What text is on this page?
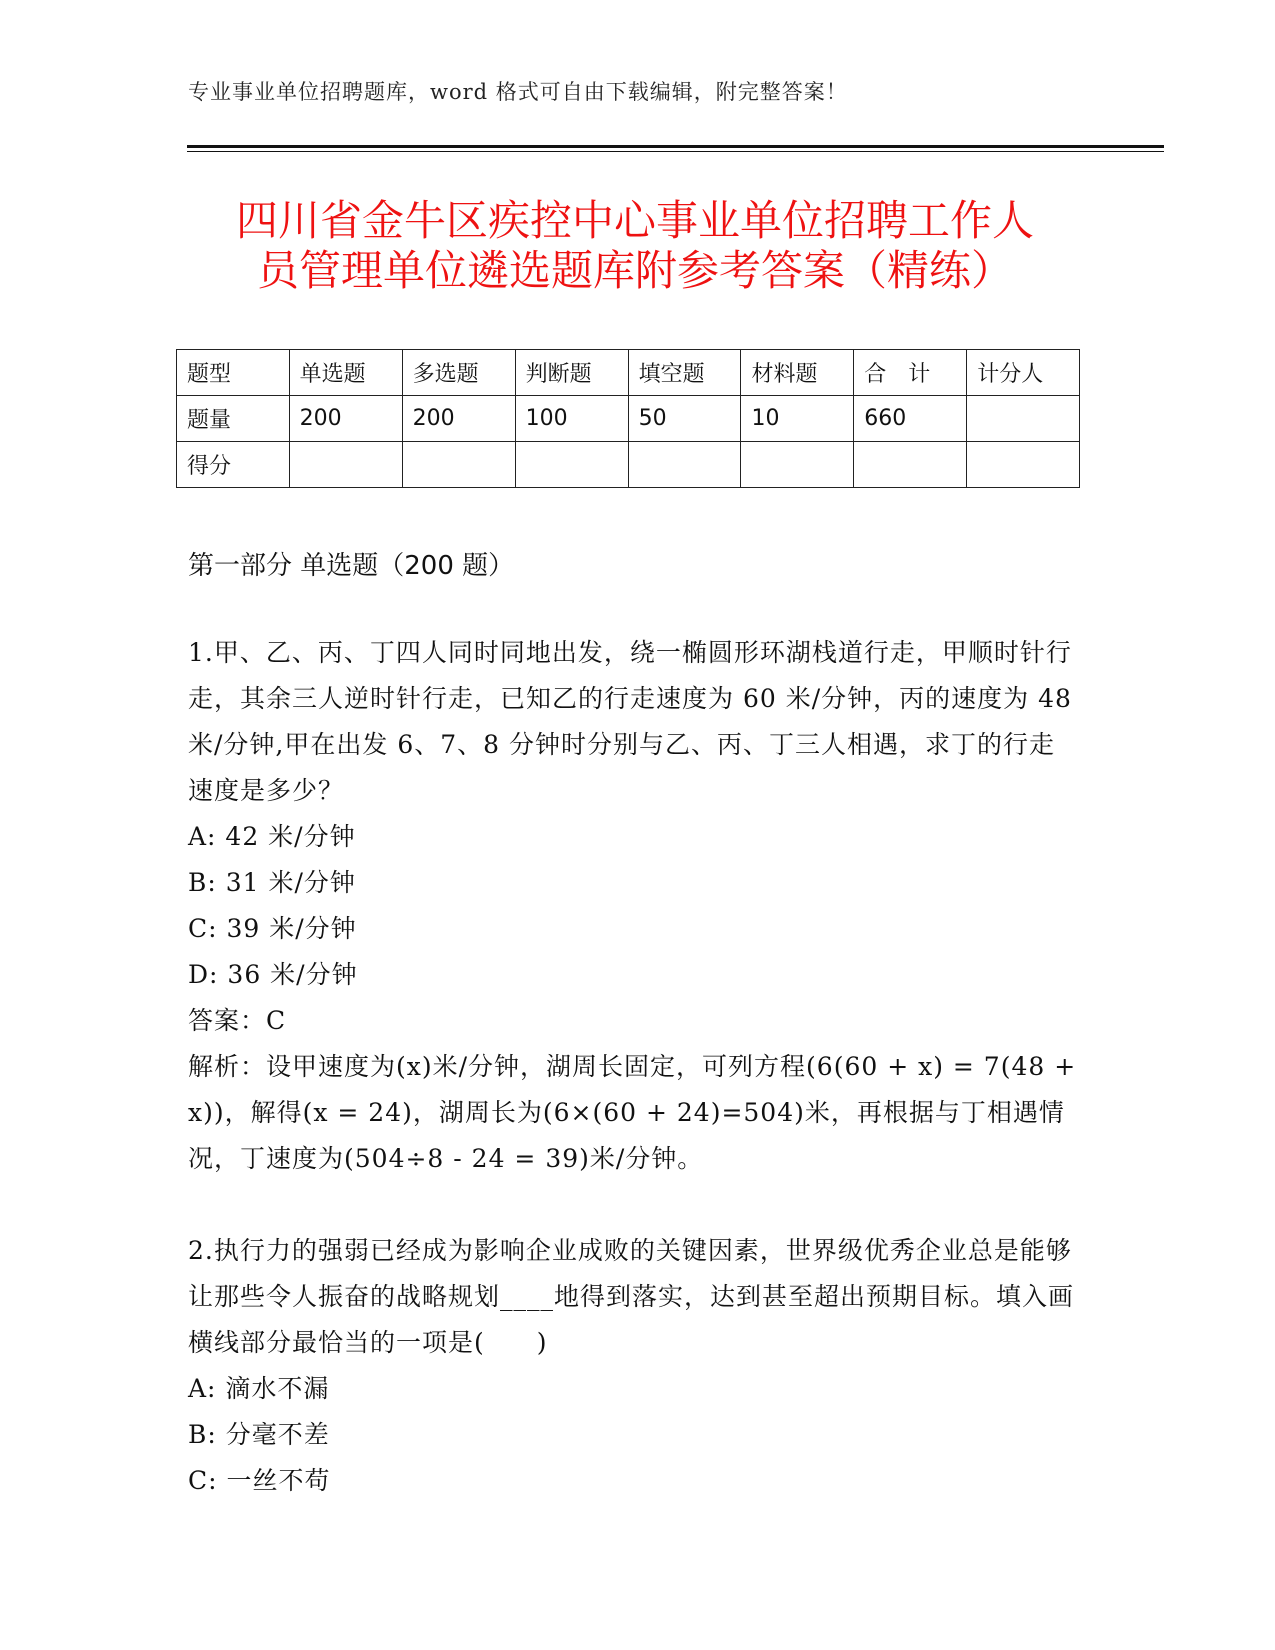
专业事业单位招聘题库，word 格式可自由下载编辑，附完整答案！
四川省金牛区疾控中心事业单位招聘工作人
员管理单位遴选题库附参考答案（精练）
题型	单选题	多选题	判断题	填空题	材料题	合　计	计分人
题量	200	200	100	50	10	660	
得分							
第一部分 单选题（200 题）

1.甲、乙、丙、丁四人同时同地出发，绕一椭圆形环湖栈道行走，甲顺时针行走，其余三人逆时针行走，已知乙的行走速度为 60 米/分钟，丙的速度为 48 米/分钟,甲在出发 6、7、8 分钟时分别与乙、丙、丁三人相遇，求丁的行走速度是多少？

A: 42 米/分钟

B: 31 米/分钟

C: 39 米/分钟

D: 36 米/分钟

答案：C

解析：设甲速度为(x)米/分钟，湖周长固定，可列方程(6(60 + x) = 7(48 + x))，解得(x = 24)，湖周长为(6×(60 + 24)=504)米，再根据与丁相遇情况，丁速度为(504÷8 - 24 = 39)米/分钟。

2.执行力的强弱已经成为影响企业成败的关键因素，世界级优秀企业总是能够让那些令人振奋的战略规划____地得到落实，达到甚至超出预期目标。填入画横线部分最恰当的一项是(　　)

A: 滴水不漏

B: 分毫不差

C: 一丝不苟
